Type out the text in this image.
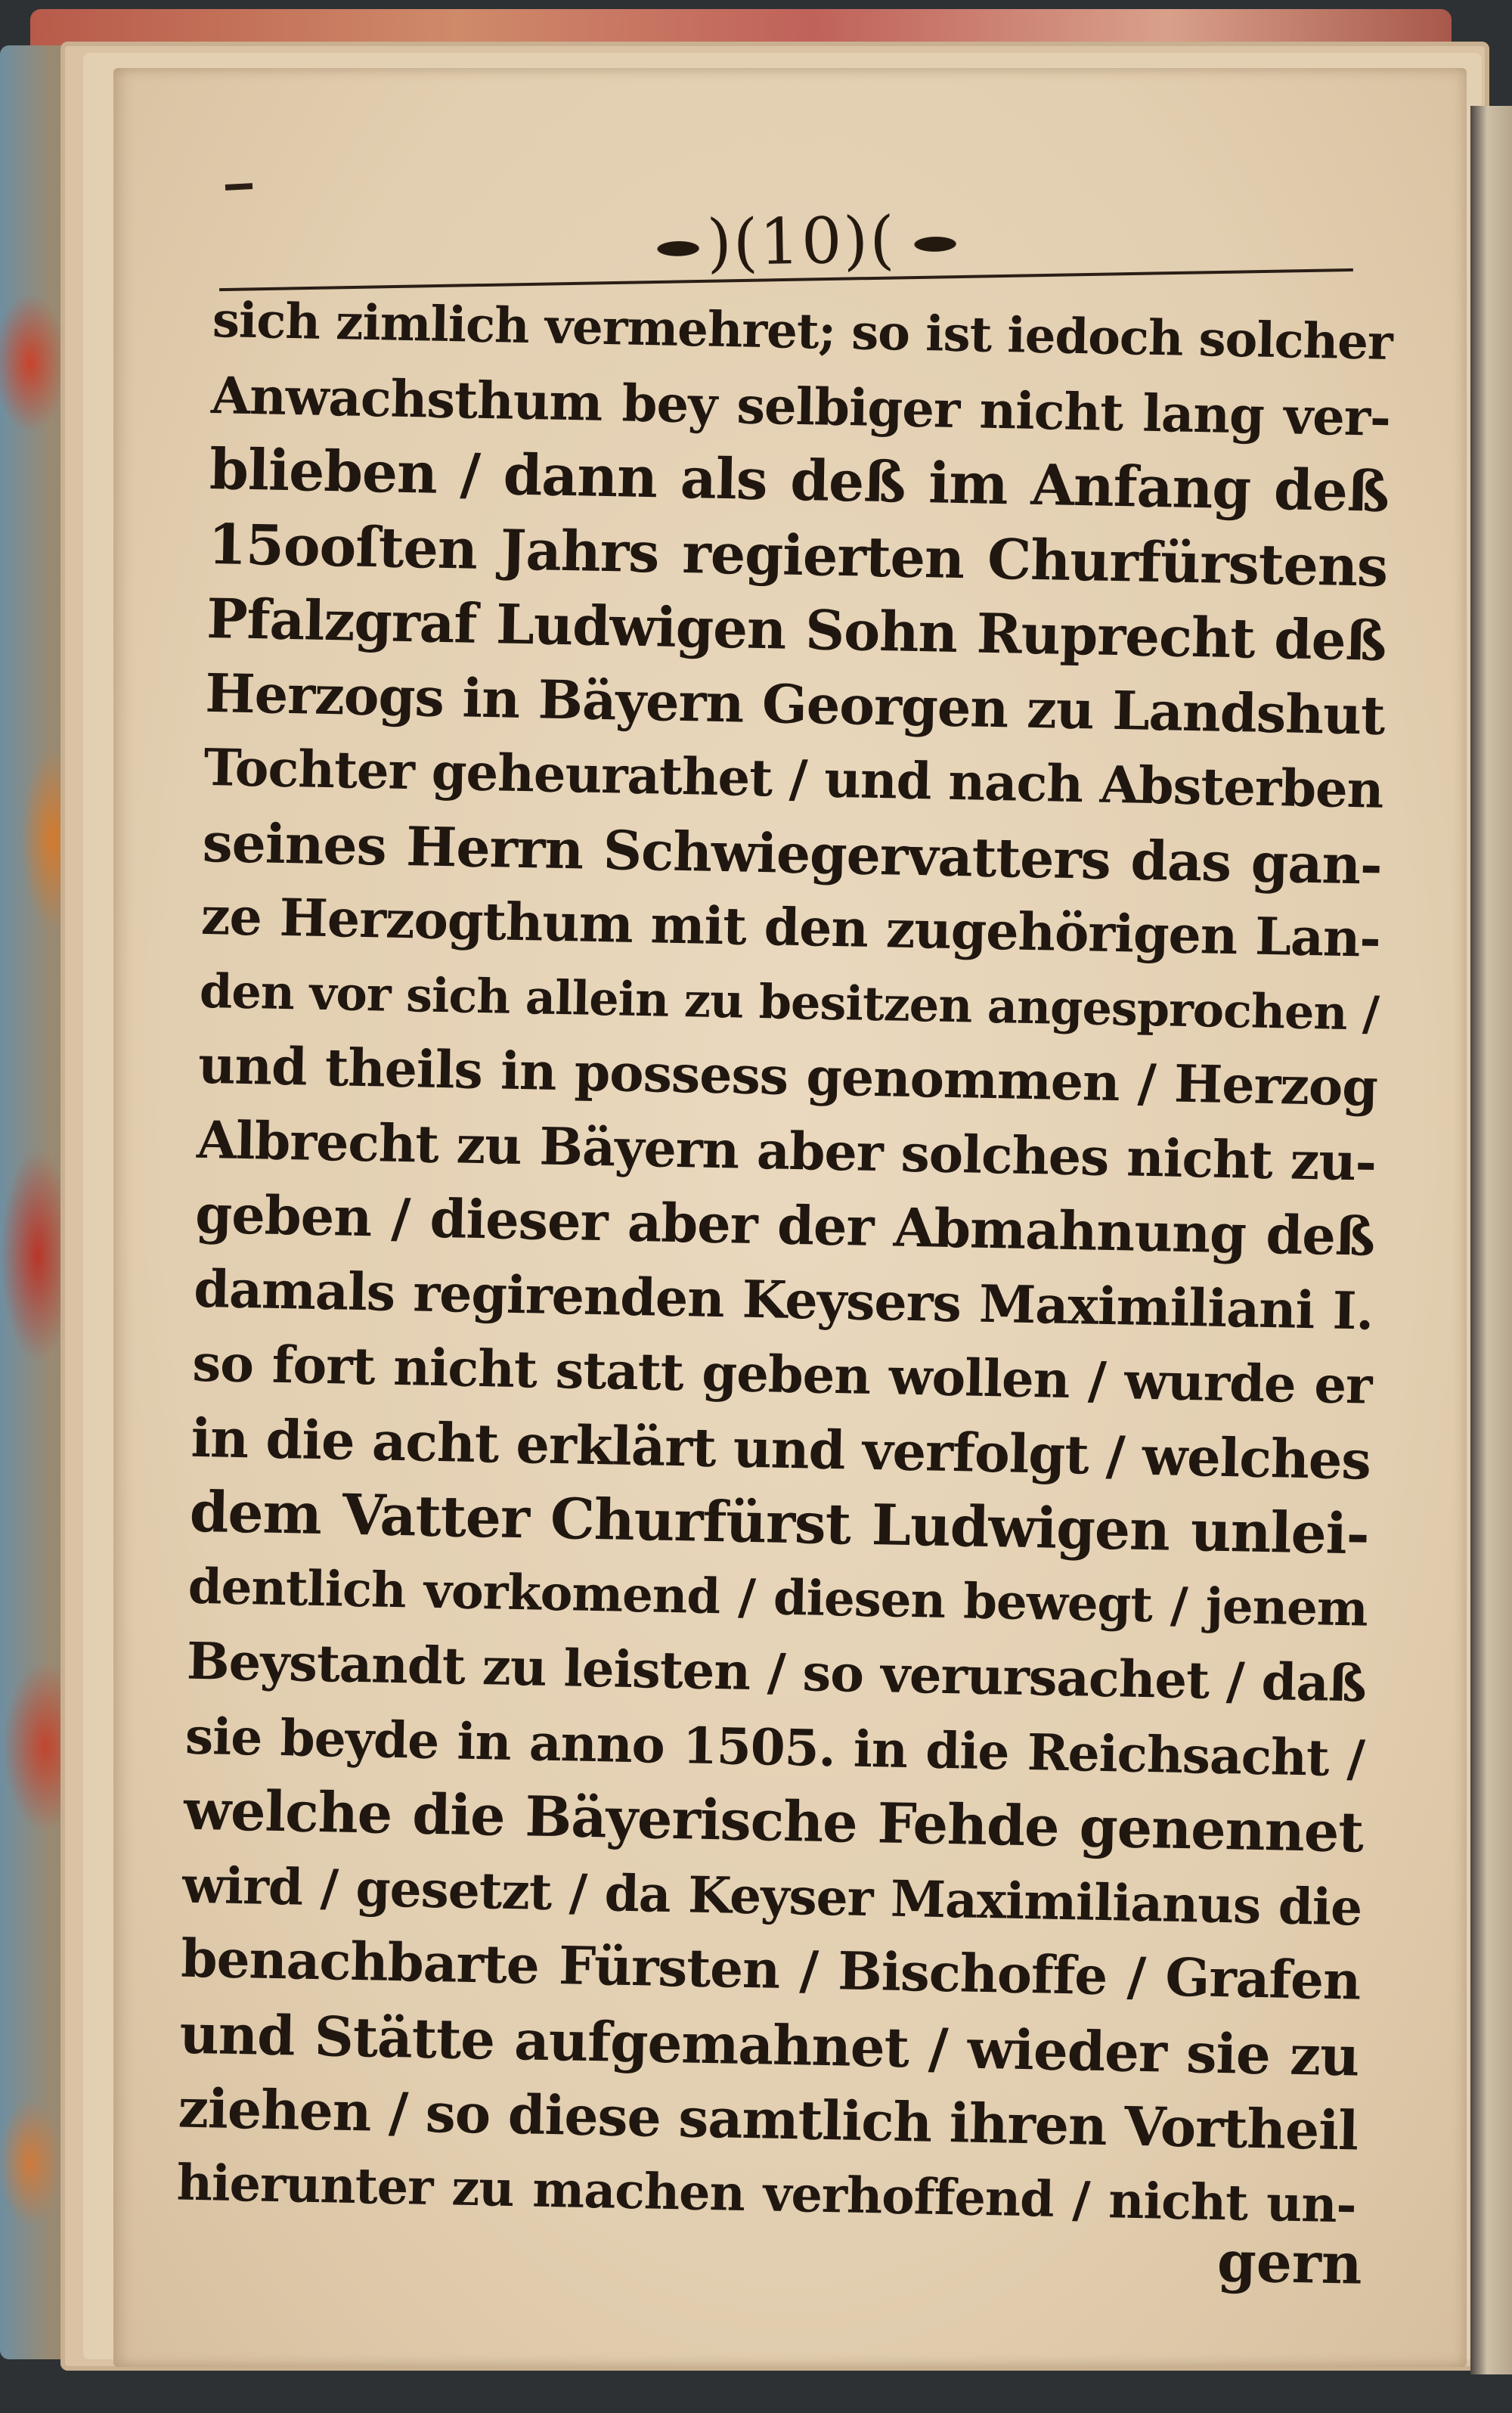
)(10)(
sich zimlich vermehret; so ist iedoch solcher
Anwachsthum bey selbiger nicht lang ver-
blieben / dann als deß im Anfang deß
15ooſten Jahrs regierten Churfürstens
Pfalzgraf Ludwigen Sohn Ruprecht deß
Herzogs in Bäyern Georgen zu Landshut
Tochter geheurathet / und nach Absterben
seines Herrn Schwiegervatters das gan-
ze Herzogthum mit den zugehörigen Lan-
den vor sich allein zu besitzen angesprochen /
und theils in possess genommen / Herzog
Albrecht zu Bäyern aber solches nicht zu-
geben / dieser aber der Abmahnung deß
damals regirenden Keysers Maximiliani I.
so fort nicht statt geben wollen / wurde er
in die acht erklärt und verfolgt / welches
dem Vatter Churfürst Ludwigen unlei-
dentlich vorkomend / diesen bewegt / jenem
Beystandt zu leisten / so verursachet / daß
sie beyde in anno 1505. in die Reichsacht /
welche die Bäyerische Fehde genennet
wird / gesetzt / da Keyser Maximilianus die
benachbarte Fürsten / Bischoffe / Grafen
und Stätte aufgemahnet / wieder sie zu
ziehen / so diese samtlich ihren Vortheil
hierunter zu machen verhoffend / nicht un-
gern
